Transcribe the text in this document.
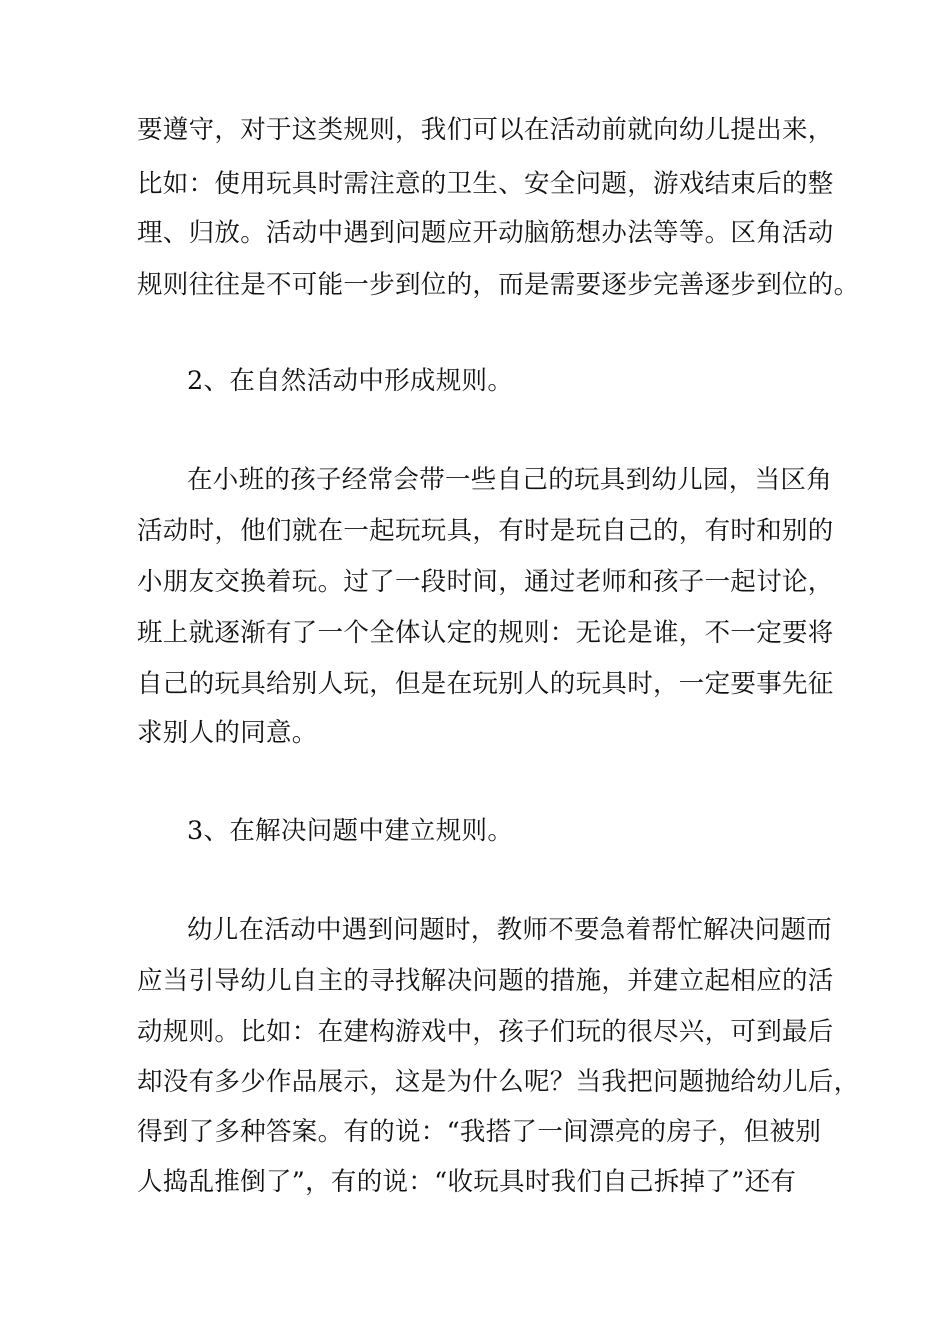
要遵守，对于这类规则，我们可以在活动前就向幼儿提出来，
比如：使用玩具时需注意的卫生、安全问题，游戏结束后的整
理、归放。活动中遇到问题应开动脑筋想办法等等。区角活动
规则往往是不可能一步到位的，而是需要逐步完善逐步到位的。
2、在自然活动中形成规则。
在小班的孩子经常会带一些自己的玩具到幼儿园，当区角
活动时，他们就在一起玩玩具，有时是玩自己的，有时和别的
小朋友交换着玩。过了一段时间，通过老师和孩子一起讨论，
班上就逐渐有了一个全体认定的规则：无论是谁，不一定要将
自己的玩具给别人玩，但是在玩别人的玩具时，一定要事先征
求别人的同意。
3、在解决问题中建立规则。
幼儿在活动中遇到问题时，教师不要急着帮忙解决问题而
应当引导幼儿自主的寻找解决问题的措施，并建立起相应的活
动规则。比如：在建构游戏中，孩子们玩的很尽兴，可到最后
却没有多少作品展示，这是为什么呢？当我把问题抛给幼儿后，
得到了多种答案。有的说：“我搭了一间漂亮的房子，但被别
人捣乱推倒了”，有的说：“收玩具时我们自己拆掉了”还有
